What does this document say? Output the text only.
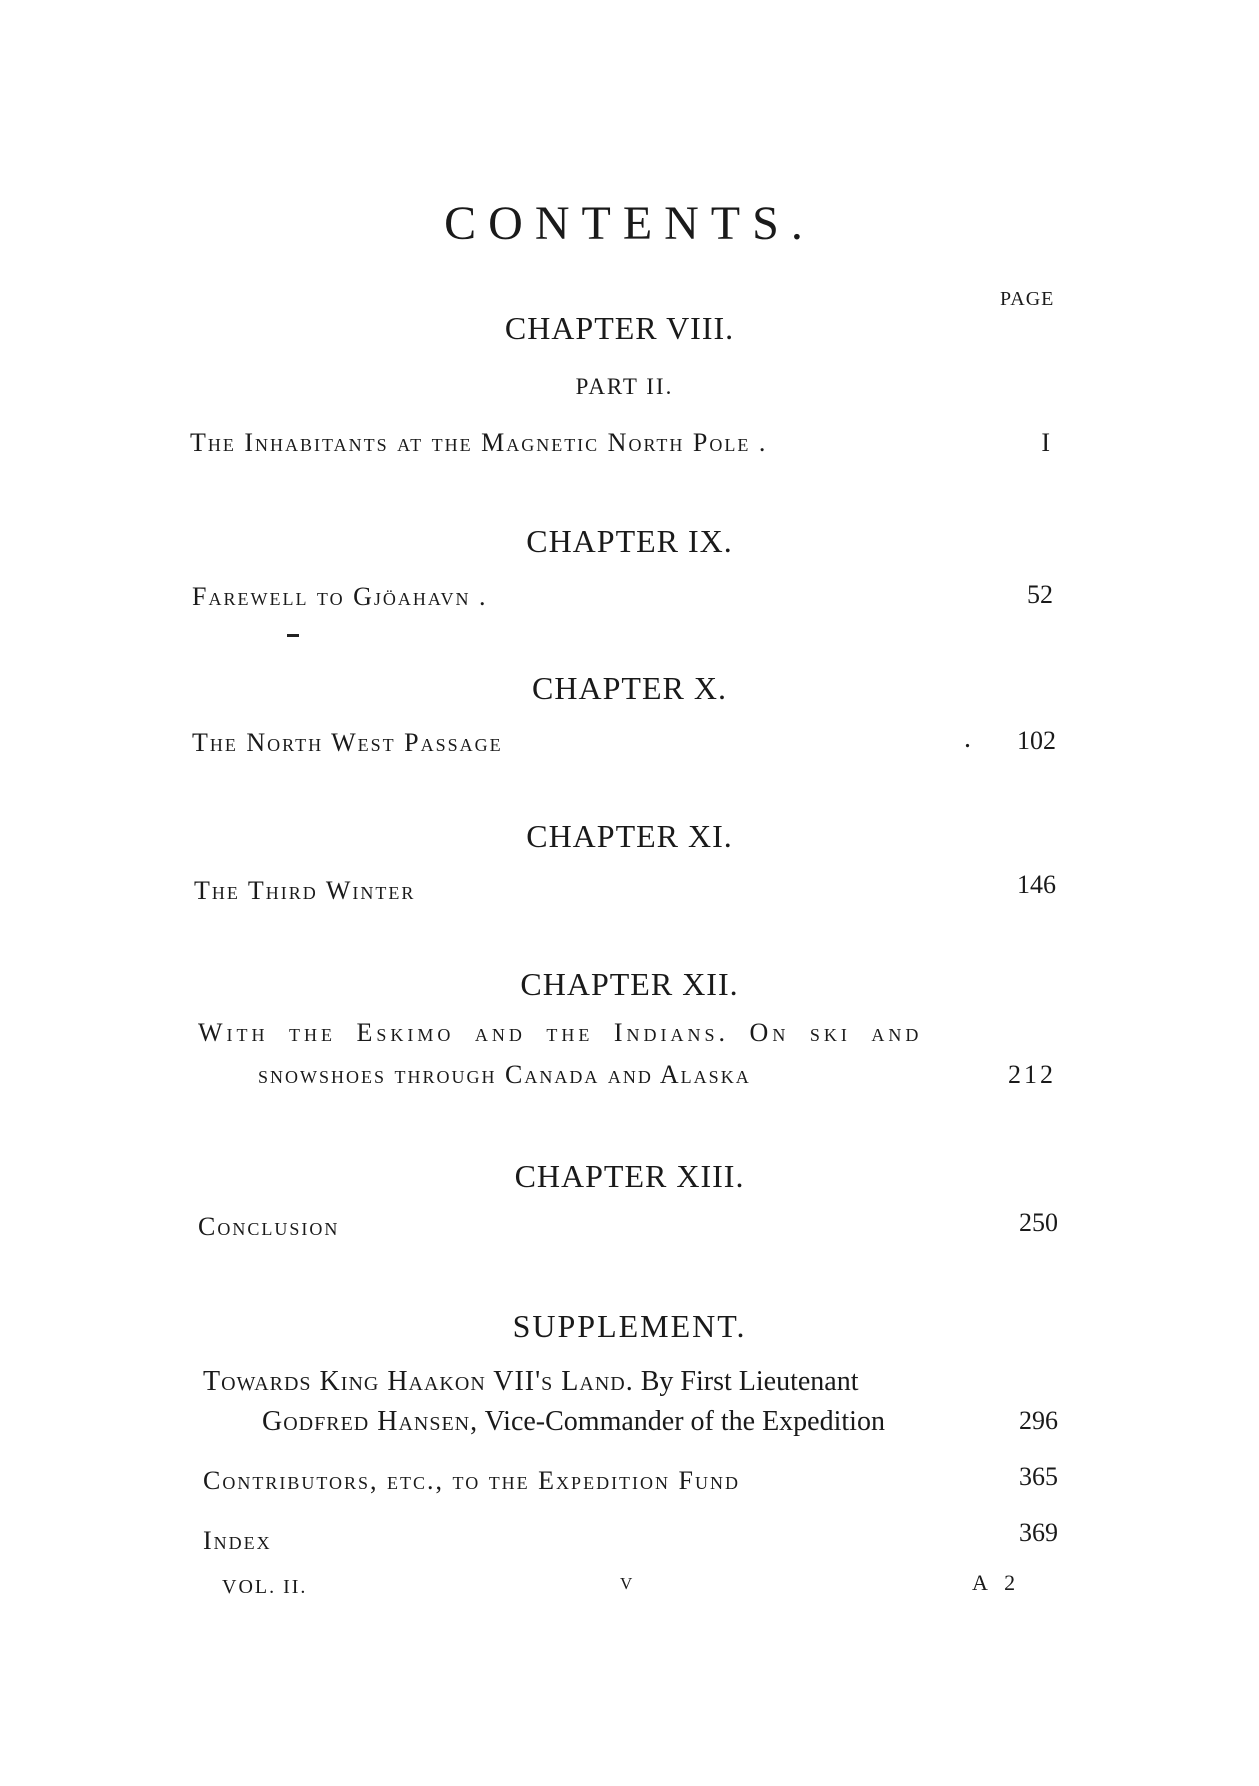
CONTENTS.
PAGE
CHAPTER VIII.
PART II.
The Inhabitants at the Magnetic North Pole .	I
CHAPTER IX.
Farewell to Gjöahavn .	52
CHAPTER X.
The North West Passage	.	102
CHAPTER XI.
The Third Winter	146
CHAPTER XII.
With the Eskimo and the Indians. On ski and
snowshoes through Canada and Alaska	212
CHAPTER XIII.
Conclusion	250
SUPPLEMENT.
Towards King Haakon VII's Land. By First Lieutenant
Godfred Hansen, Vice-Commander of the Expedition	296
Contributors, etc., to the Expedition Fund	365
Index	369
VOL. II.	V	A 2
